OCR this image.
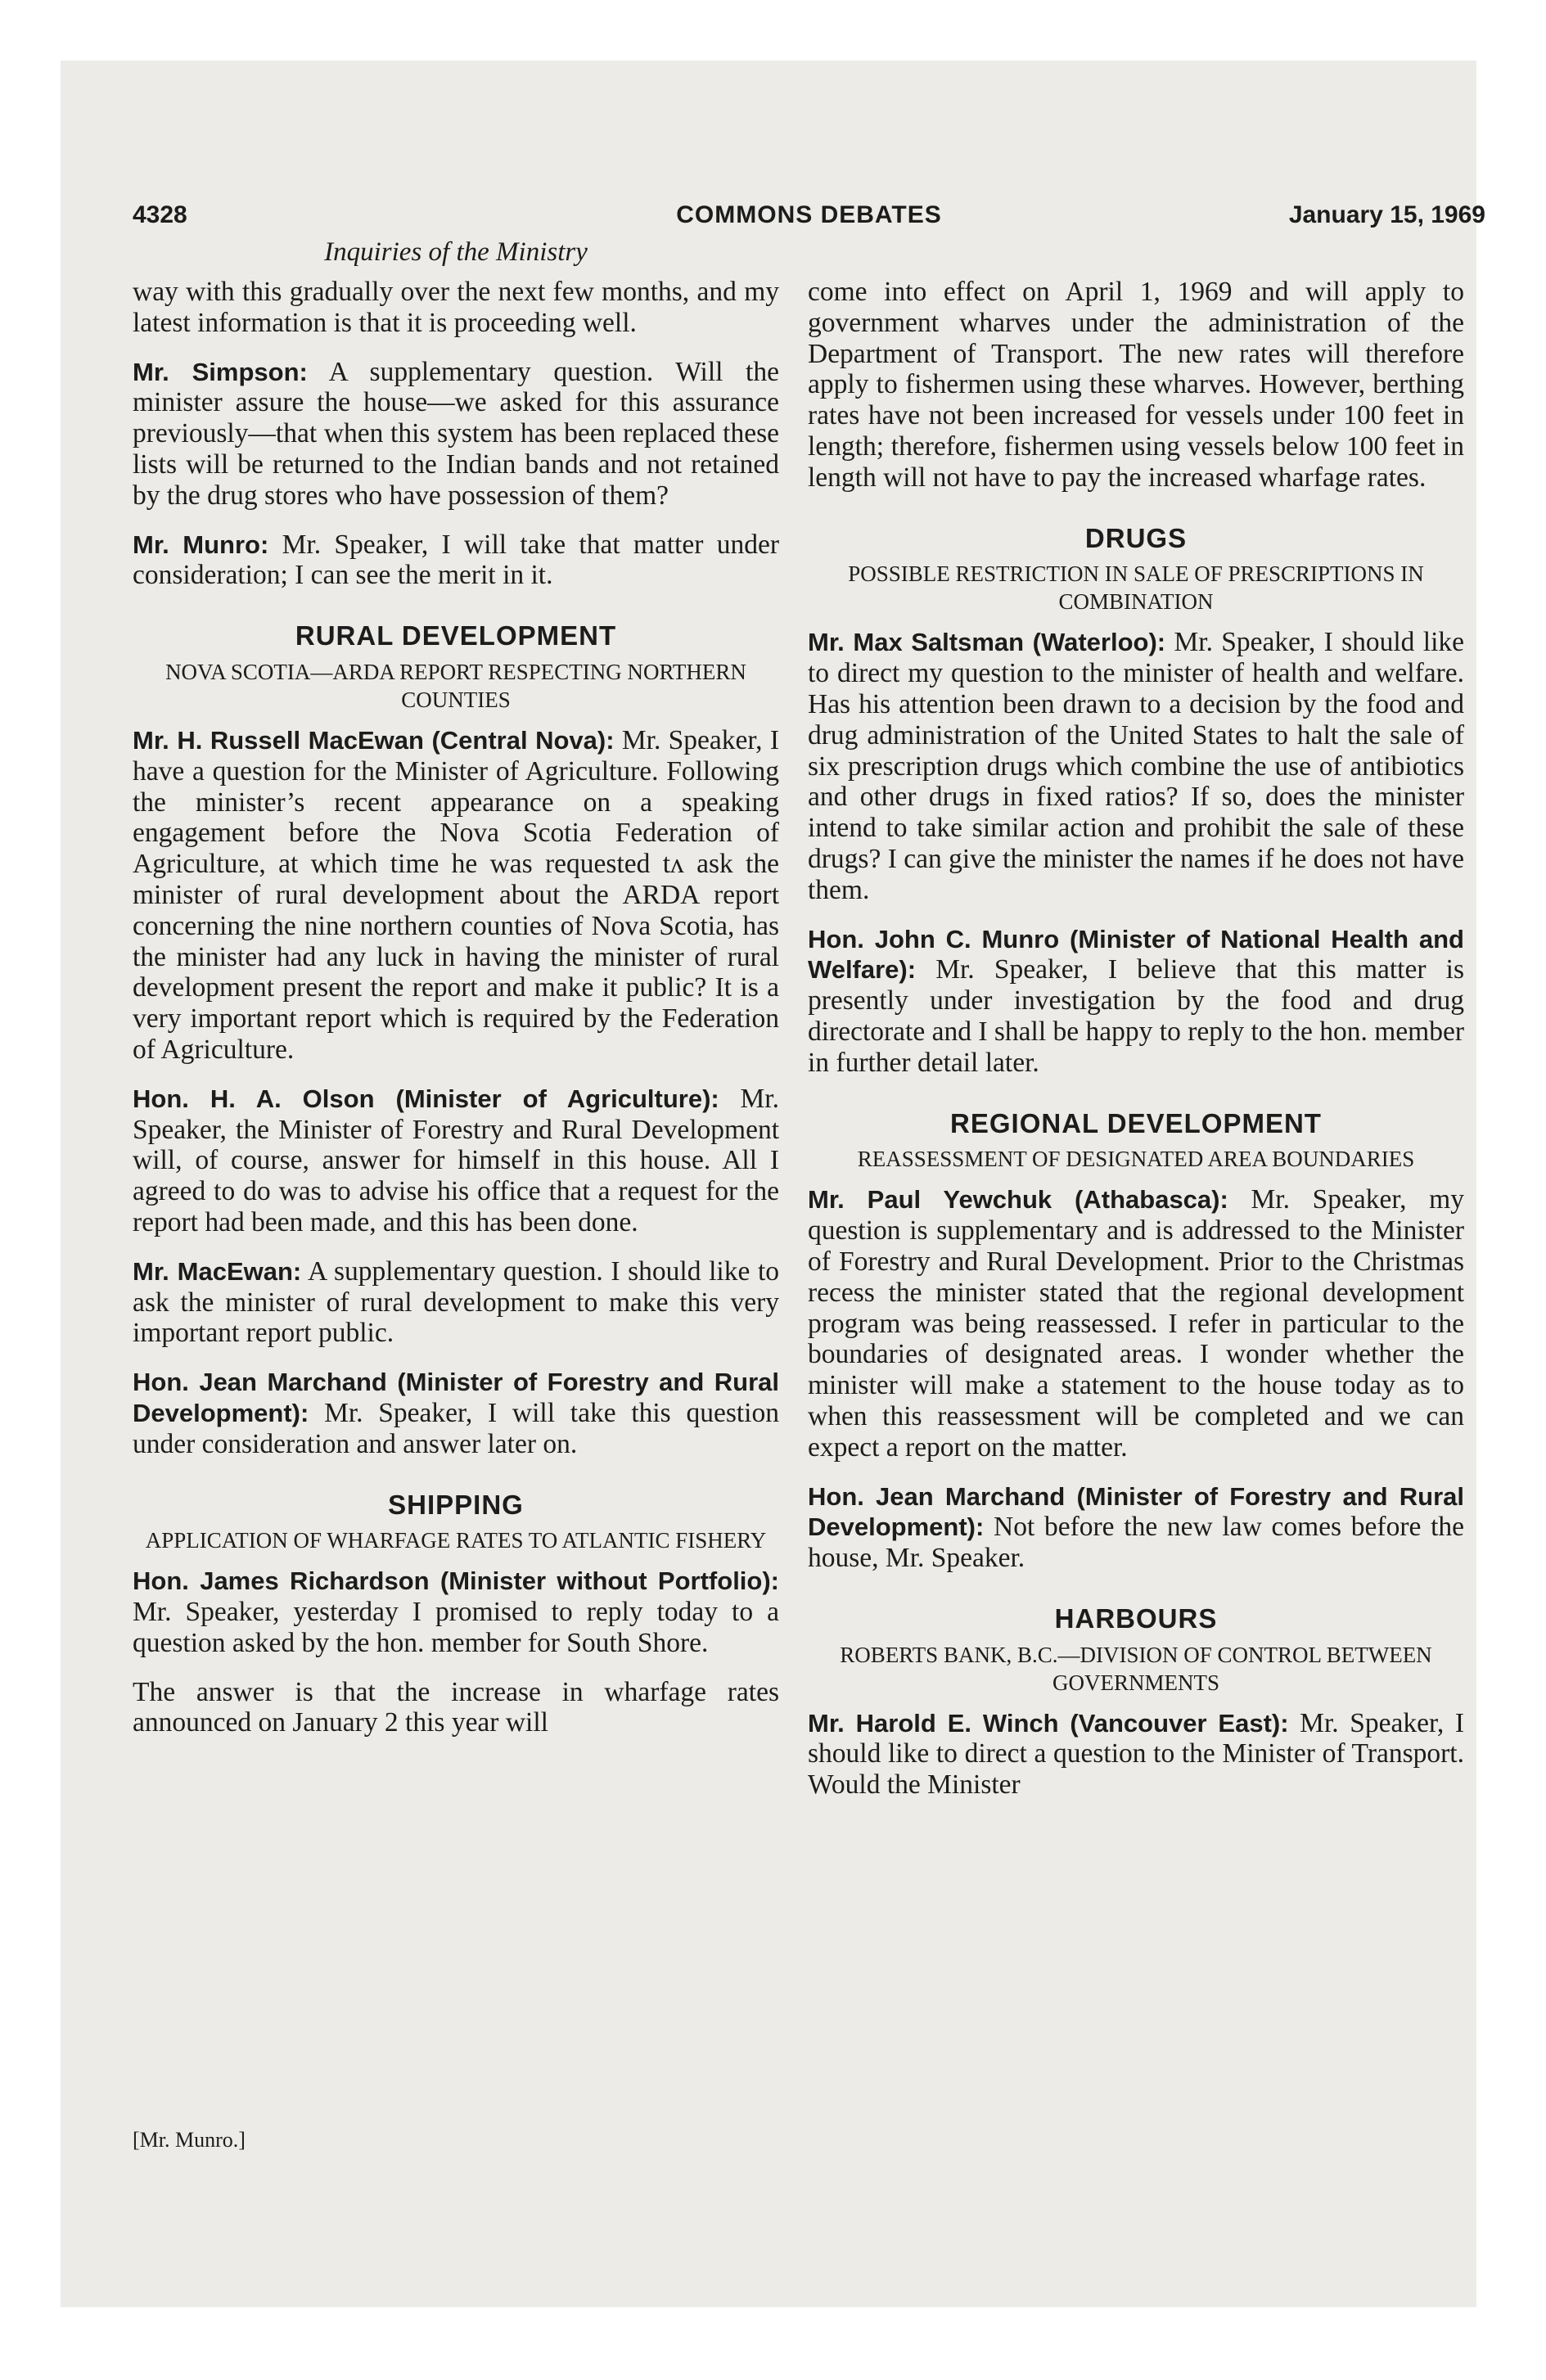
4328	COMMONS DEBATES	January 15, 1969
Inquiries of the Ministry

way with this gradually over the next few months, and my latest information is that it is proceeding well.

Mr. Simpson: A supplementary question. Will the minister assure the house—we asked for this assurance previously—that when this system has been replaced these lists will be returned to the Indian bands and not retained by the drug stores who have possession of them?

Mr. Munro: Mr. Speaker, I will take that matter under consideration; I can see the merit in it.

RURAL DEVELOPMENT
NOVA SCOTIA—ARDA REPORT RESPECTING NORTHERN COUNTIES

Mr. H. Russell MacEwan (Central Nova): Mr. Speaker, I have a question for the Minister of Agriculture. Following the minister’s recent appearance on a speaking engagement before the Nova Scotia Federation of Agriculture, at which time he was requested tʌ ask the minister of rural development about the ARDA report concerning the nine northern counties of Nova Scotia, has the minister had any luck in having the minister of rural development present the report and make it public? It is a very important report which is required by the Federation of Agriculture.

Hon. H. A. Olson (Minister of Agriculture): Mr. Speaker, the Minister of Forestry and Rural Development will, of course, answer for himself in this house. All I agreed to do was to advise his office that a request for the report had been made, and this has been done.

Mr. MacEwan: A supplementary question. I should like to ask the minister of rural development to make this very important report public.

Hon. Jean Marchand (Minister of Forestry and Rural Development): Mr. Speaker, I will take this question under consideration and answer later on.

SHIPPING
APPLICATION OF WHARFAGE RATES TO ATLANTIC FISHERY

Hon. James Richardson (Minister without Portfolio): Mr. Speaker, yesterday I promised to reply today to a question asked by the hon. member for South Shore.

The answer is that the increase in wharfage rates announced on January 2 this year will

[Mr. Munro.]

come into effect on April 1, 1969 and will apply to government wharves under the administration of the Department of Transport. The new rates will therefore apply to fishermen using these wharves. However, berthing rates have not been increased for vessels under 100 feet in length; therefore, fishermen using vessels below 100 feet in length will not have to pay the increased wharfage rates.

DRUGS
POSSIBLE RESTRICTION IN SALE OF PRESCRIPTIONS IN COMBINATION

Mr. Max Saltsman (Waterloo): Mr. Speaker, I should like to direct my question to the minister of health and welfare. Has his attention been drawn to a decision by the food and drug administration of the United States to halt the sale of six prescription drugs which combine the use of antibiotics and other drugs in fixed ratios? If so, does the minister intend to take similar action and prohibit the sale of these drugs? I can give the minister the names if he does not have them.

Hon. John C. Munro (Minister of National Health and Welfare): Mr. Speaker, I believe that this matter is presently under investigation by the food and drug directorate and I shall be happy to reply to the hon. member in further detail later.

REGIONAL DEVELOPMENT
REASSESSMENT OF DESIGNATED AREA BOUNDARIES

Mr. Paul Yewchuk (Athabasca): Mr. Speaker, my question is supplementary and is addressed to the Minister of Forestry and Rural Development. Prior to the Christmas recess the minister stated that the regional development program was being reassessed. I refer in particular to the boundaries of designated areas. I wonder whether the minister will make a statement to the house today as to when this reassessment will be completed and we can expect a report on the matter.

Hon. Jean Marchand (Minister of Forestry and Rural Development): Not before the new law comes before the house, Mr. Speaker.

HARBOURS
ROBERTS BANK, B.C.—DIVISION OF CONTROL BETWEEN GOVERNMENTS

Mr. Harold E. Winch (Vancouver East): Mr. Speaker, I should like to direct a question to the Minister of Transport. Would the Minister
